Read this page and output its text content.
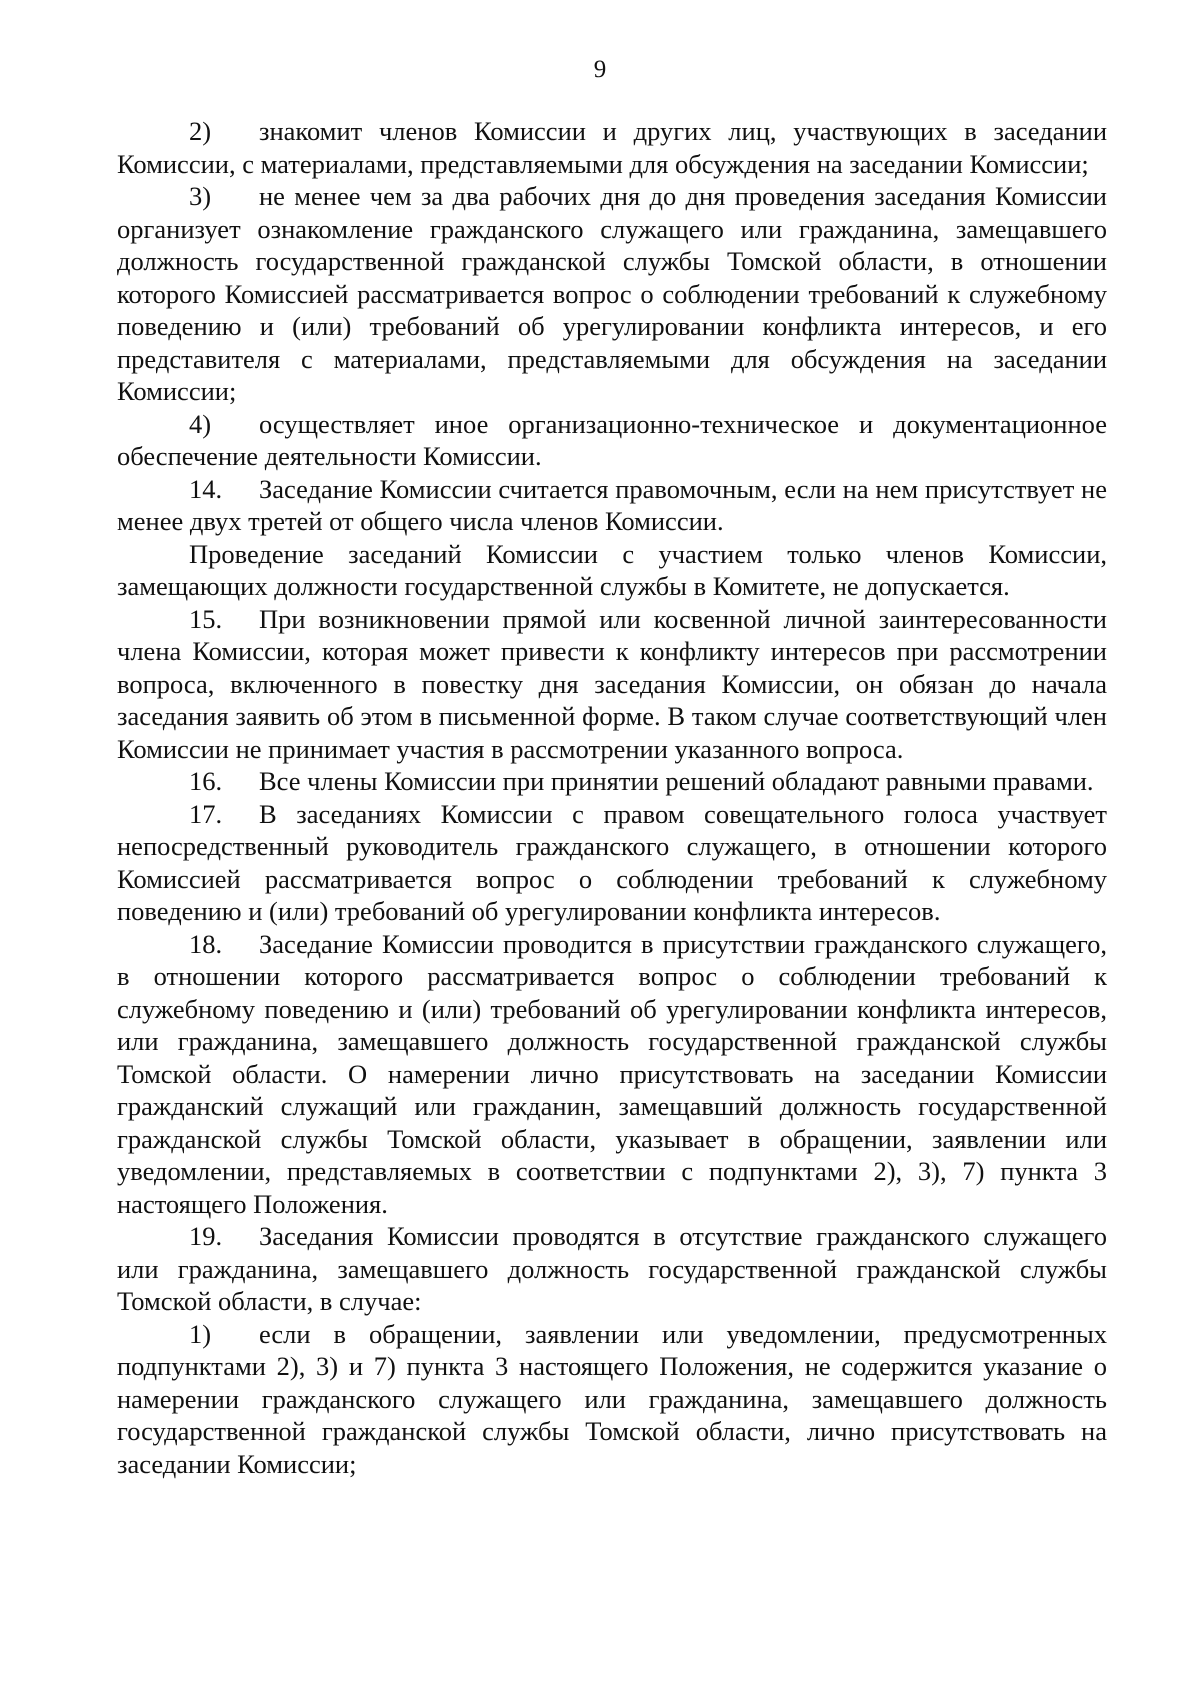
9

2) знакомит членов Комиссии и других лиц, участвующих в заседании Комиссии, с материалами, представляемыми для обсуждения на заседании Комиссии;

3) не менее чем за два рабочих дня до дня проведения заседания Комиссии организует ознакомление гражданского служащего или гражданина, замещавшего должность государственной гражданской службы Томской области, в отношении которого Комиссией рассматривается вопрос о соблюдении требований к служебному поведению и (или) требований об урегулировании конфликта интересов, и его представителя с материалами, представляемыми для обсуждения на заседании Комиссии;

4) осуществляет иное организационно-техническое и документационное обеспечение деятельности Комиссии.

14. Заседание Комиссии считается правомочным, если на нем присутствует не менее двух третей от общего числа членов Комиссии.

Проведение заседаний Комиссии с участием только членов Комиссии, замещающих должности государственной службы в Комитете, не допускается.

15. При возникновении прямой или косвенной личной заинтересованности члена Комиссии, которая может привести к конфликту интересов при рассмотрении вопроса, включенного в повестку дня заседания Комиссии, он обязан до начала заседания заявить об этом в письменной форме. В таком случае соответствующий член Комиссии не принимает участия в рассмотрении указанного вопроса.

16. Все члены Комиссии при принятии решений обладают равными правами.

17. В заседаниях Комиссии с правом совещательного голоса участвует непосредственный руководитель гражданского служащего, в отношении которого Комиссией рассматривается вопрос о соблюдении требований к служебному поведению и (или) требований об урегулировании конфликта интересов.

18. Заседание Комиссии проводится в присутствии гражданского служащего, в отношении которого рассматривается вопрос о соблюдении требований к служебному поведению и (или) требований об урегулировании конфликта интересов, или гражданина, замещавшего должность государственной гражданской службы Томской области. О намерении лично присутствовать на заседании Комиссии гражданский служащий или гражданин, замещавший должность государственной гражданской службы Томской области, указывает в обращении, заявлении или уведомлении, представляемых в соответствии с подпунктами 2), 3), 7) пункта 3 настоящего Положения.

19. Заседания Комиссии проводятся в отсутствие гражданского служащего или гражданина, замещавшего должность государственной гражданской службы Томской области, в случае:

1) если в обращении, заявлении или уведомлении, предусмотренных подпунктами 2), 3) и 7) пункта 3 настоящего Положения, не содержится указание о намерении гражданского служащего или гражданина, замещавшего должность государственной гражданской службы Томской области, лично присутствовать на заседании Комиссии;
